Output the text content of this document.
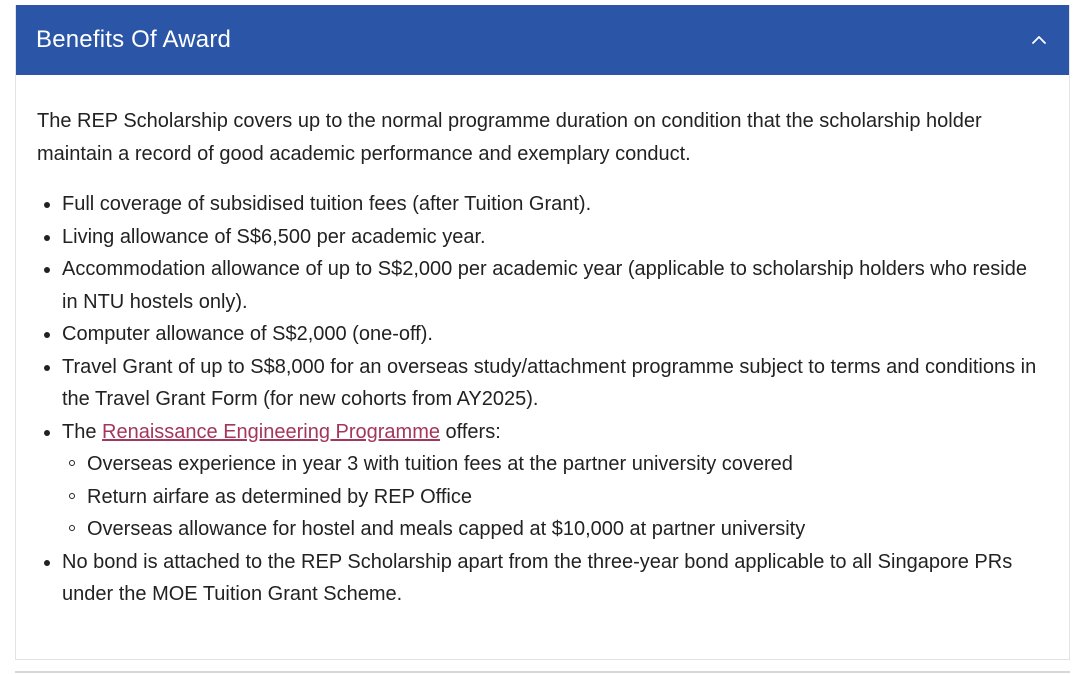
Benefits Of Award

The REP Scholarship covers up to the normal programme duration on condition that the scholarship holder maintain a record of good academic performance and exemplary conduct.

Full coverage of subsidised tuition fees (after Tuition Grant).
Living allowance of S$6,500 per academic year.
Accommodation allowance of up to S$2,000 per academic year (applicable to scholarship holders who reside in NTU hostels only).
Computer allowance of S$2,000 (one-off).
Travel Grant of up to S$8,000 for an overseas study/attachment programme subject to terms and conditions in the Travel Grant Form (for new cohorts from AY2025).
The Renaissance Engineering Programme offers:
Overseas experience in year 3 with tuition fees at the partner university covered
Return airfare as determined by REP Office
Overseas allowance for hostel and meals capped at $10,000 at partner university
No bond is attached to the REP Scholarship apart from the three-year bond applicable to all Singapore PRs under the MOE Tuition Grant Scheme.
